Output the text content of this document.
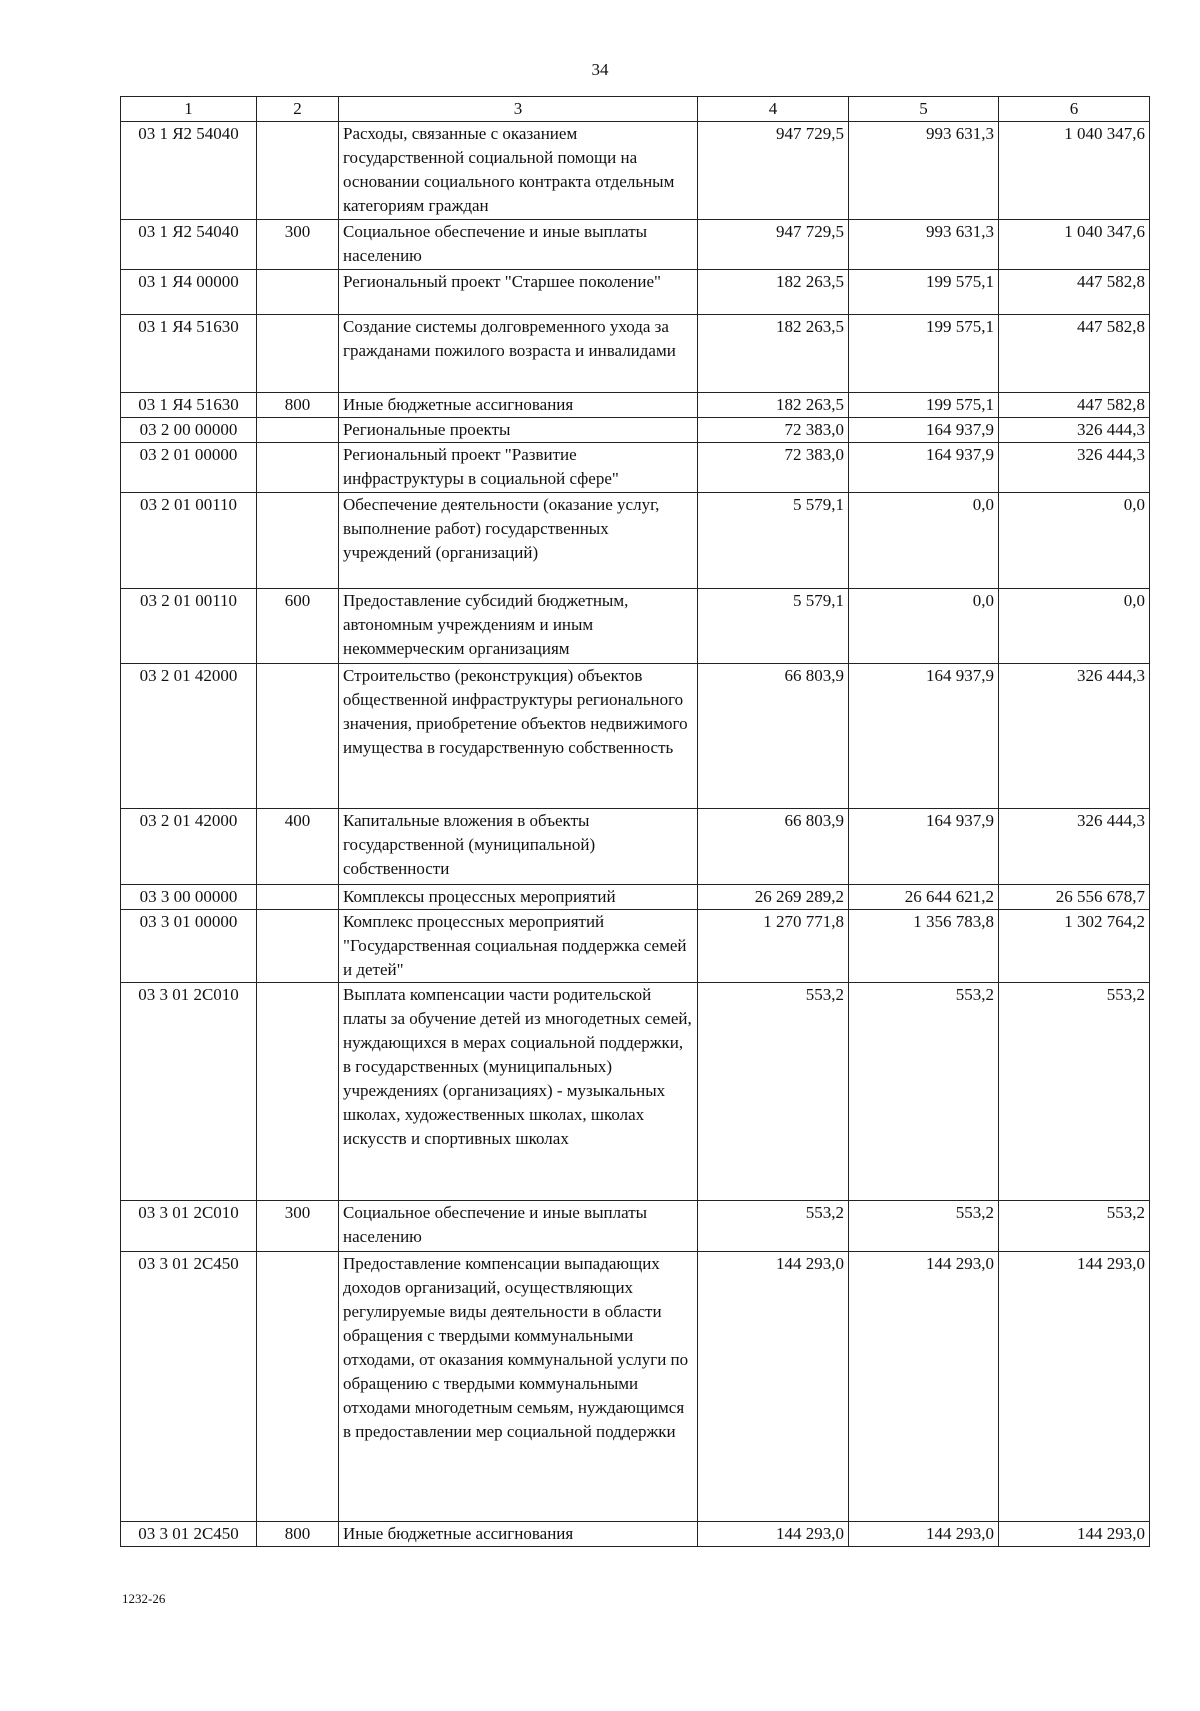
34
1	2	3	4	5	6
03 1 Я2 54040		Расходы, связанные с оказанием государственной социальной помощи на основании социального контракта отдельным категориям граждан	947 729,5	993 631,3	1 040 347,6
03 1 Я2 54040	300	Социальное обеспечение и иные выплаты населению	947 729,5	993 631,3	1 040 347,6
03 1 Я4 00000		Региональный проект "Старшее поколение"	182 263,5	199 575,1	447 582,8
03 1 Я4 51630		Создание системы долговременного ухода за гражданами пожилого возраста и инвалидами	182 263,5	199 575,1	447 582,8
03 1 Я4 51630	800	Иные бюджетные ассигнования	182 263,5	199 575,1	447 582,8
03 2 00 00000		Региональные проекты	72 383,0	164 937,9	326 444,3
03 2 01 00000		Региональный проект "Развитие инфраструктуры в социальной сфере"	72 383,0	164 937,9	326 444,3
03 2 01 00110		Обеспечение деятельности (оказание услуг, выполнение работ) государственных учреждений (организаций)	5 579,1	0,0	0,0
03 2 01 00110	600	Предоставление субсидий бюджетным, автономным учреждениям и иным некоммерческим организациям	5 579,1	0,0	0,0
03 2 01 42000		Строительство (реконструкция) объектов общественной инфраструктуры регионального значения, приобретение объектов недвижимого имущества в государственную собственность	66 803,9	164 937,9	326 444,3
03 2 01 42000	400	Капитальные вложения в объекты государственной (муниципальной) собственности	66 803,9	164 937,9	326 444,3
03 3 00 00000		Комплексы процессных мероприятий	26 269 289,2	26 644 621,2	26 556 678,7
03 3 01 00000		Комплекс процессных мероприятий "Государственная социальная поддержка семей и детей"	1 270 771,8	1 356 783,8	1 302 764,2
03 3 01 2С010		Выплата компенсации части родительской платы за обучение детей из многодетных семей, нуждающихся в мерах социальной поддержки, в государственных (муниципальных) учреждениях (организациях) - музыкальных школах, художественных школах, школах искусств и спортивных школах	553,2	553,2	553,2
03 3 01 2С010	300	Социальное обеспечение и иные выплаты населению	553,2	553,2	553,2
03 3 01 2С450		Предоставление компенсации выпадающих доходов организаций, осуществляющих регулируемые виды деятельности в области обращения с твердыми коммунальными отходами, от оказания коммунальной услуги по обращению с твердыми коммунальными отходами многодетным семьям, нуждающимся в предоставлении мер социальной поддержки	144 293,0	144 293,0	144 293,0
03 3 01 2С450	800	Иные бюджетные ассигнования	144 293,0	144 293,0	144 293,0
1232-26
